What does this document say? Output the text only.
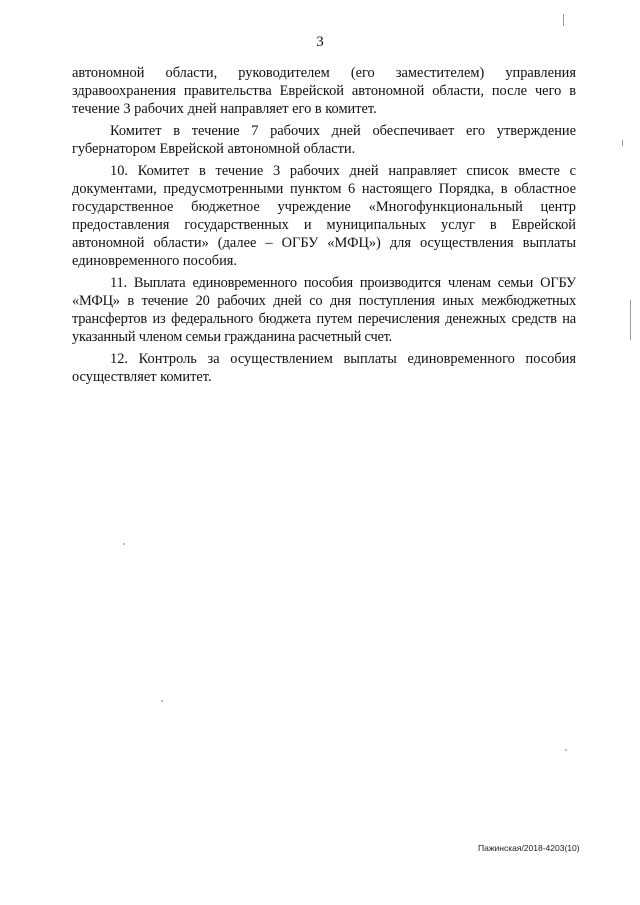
3

автономной области, руководителем (его заместителем) управления здравоохранения правительства Еврейской автономной области, после чего в течение 3 рабочих дней направляет его в комитет.

Комитет в течение 7 рабочих дней обеспечивает его утверждение губернатором Еврейской автономной области.

10. Комитет в течение 3 рабочих дней направляет список вместе с документами, предусмотренными пунктом 6 настоящего Порядка, в областное государственное бюджетное учреждение «Многофункциональный центр предоставления государственных и муниципальных услуг в Еврейской автономной области» (далее – ОГБУ «МФЦ») для осуществления выплаты единовременного пособия.

11. Выплата единовременного пособия производится членам семьи ОГБУ «МФЦ» в течение 20 рабочих дней со дня поступления иных межбюджетных трансфертов из федерального бюджета путем перечисления денежных средств на указанный членом семьи гражданина расчетный счет.

12. Контроль за осуществлением выплаты единовременного пособия осуществляет комитет.

Пажинская/2018-4203(10)
